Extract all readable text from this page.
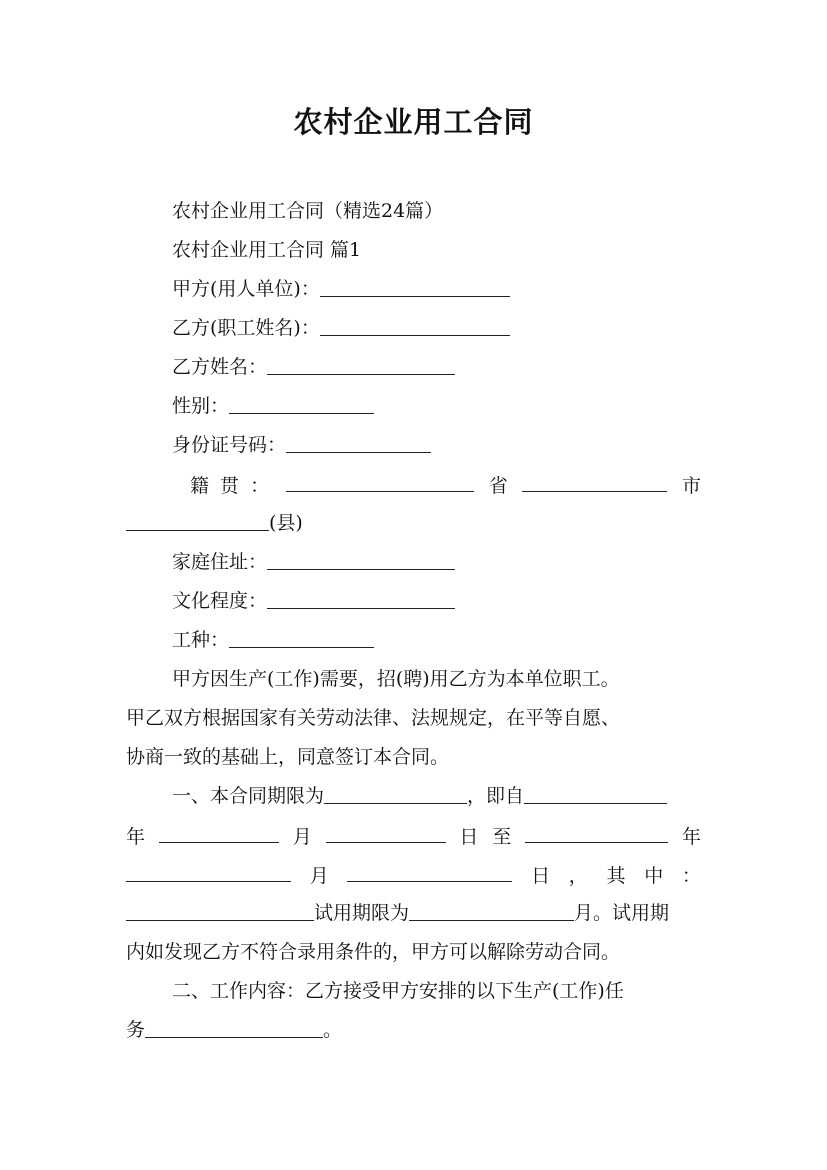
农村企业用工合同
农村企业用工合同（精选24篇）
农村企业用工合同 篇1
甲方(用人单位)：
乙方(职工姓名)：
乙方姓名：
性别：
身份证号码：
籍 贯 ：	省	市
(县)
家庭住址：
文化程度：
工种：
甲方因生产(工作)需要，招(聘)用乙方为本单位职工。
甲乙双方根据国家有关劳动法律、法规规定，在平等自愿、
协商一致的基础上，同意签订本合同。
一、本合同期限为	，即自
年	月	日 至	年
月	日 ， 其 中 ：
试用期限为	月。试用期
内如发现乙方不符合录用条件的，甲方可以解除劳动合同。
二、工作内容：乙方接受甲方安排的以下生产(工作)任
务	。
